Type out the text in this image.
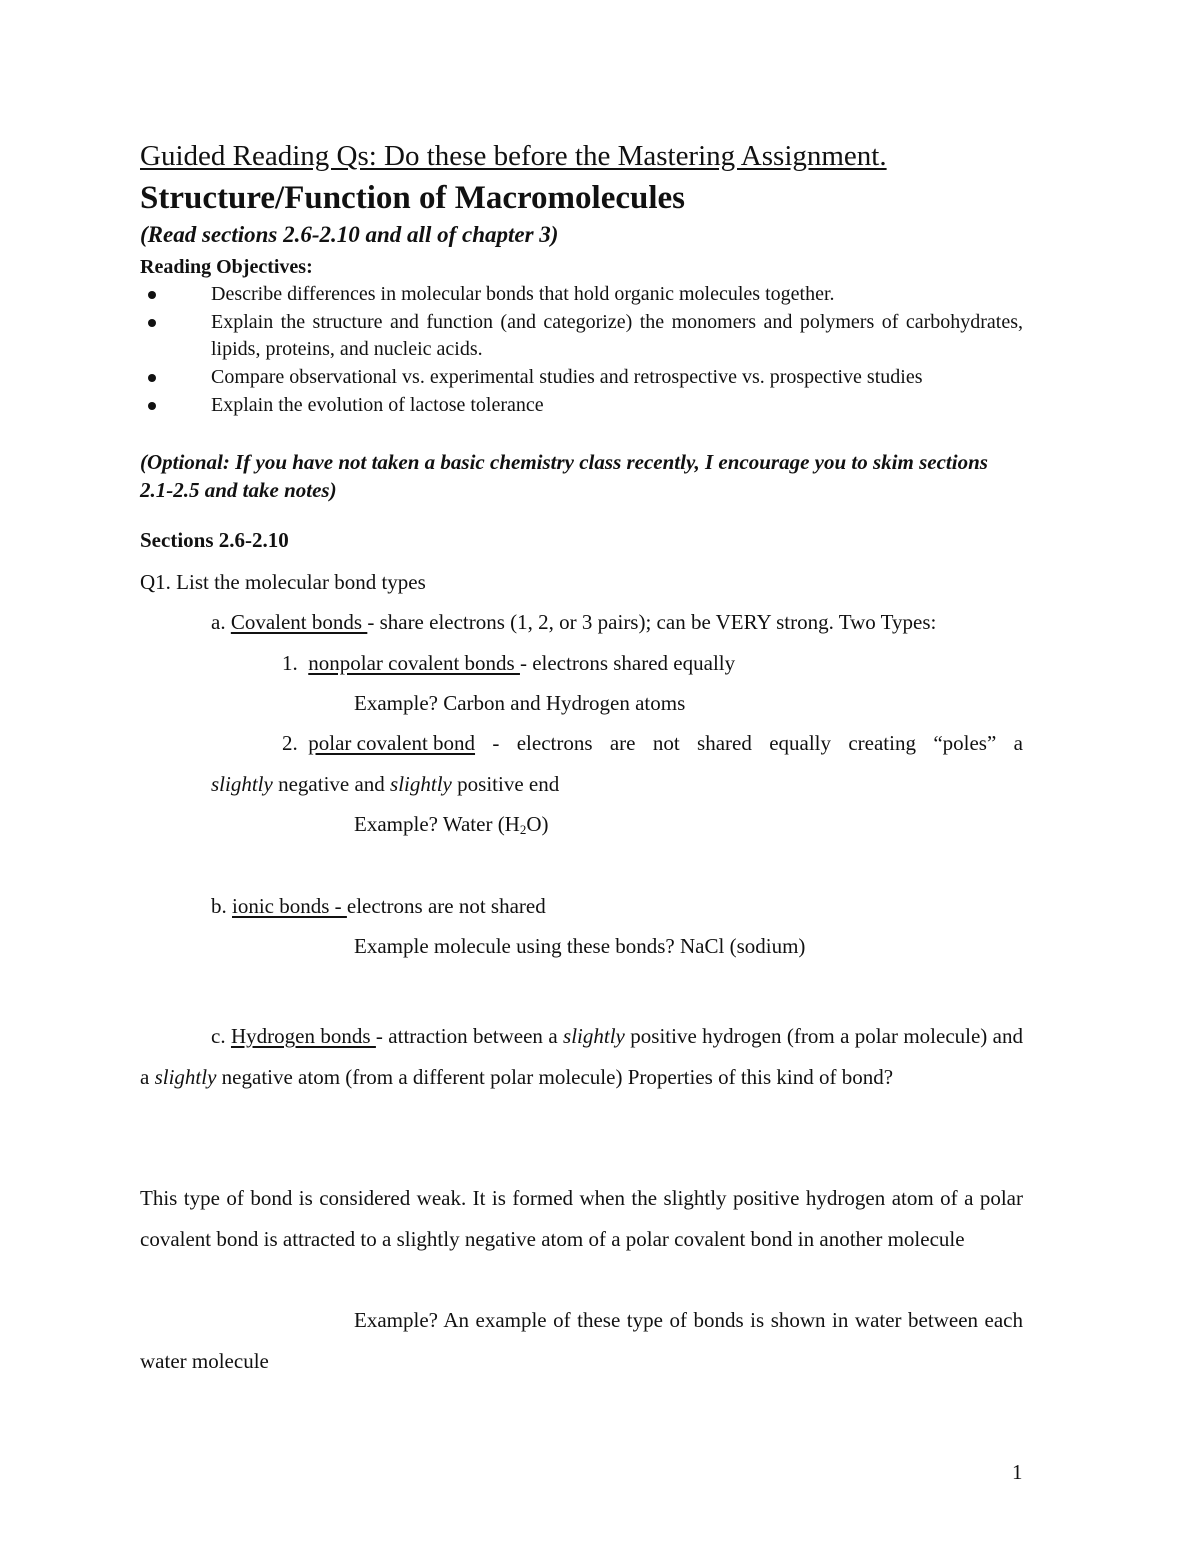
Guided Reading Qs: Do these before the Mastering Assignment.
Structure/Function of Macromolecules
(Read sections 2.6-2.10 and all of chapter 3)
Reading Objectives:
Describe differences in molecular bonds that hold organic molecules together.
Explain the structure and function (and categorize) the monomers and polymers of carbohydrates, lipids, proteins, and nucleic acids.
Compare observational vs. experimental studies and retrospective vs. prospective studies
Explain the evolution of lactose tolerance
(Optional: If you have not taken a basic chemistry class recently, I encourage you to skim sections 2.1-2.5 and take notes)
Sections 2.6-2.10
Q1. List the molecular bond types
a. Covalent bonds - share electrons (1, 2, or 3 pairs); can be VERY strong. Two Types:
1. nonpolar covalent bonds - electrons shared equally
Example? Carbon and Hydrogen atoms
2. polar covalent bond - electrons are not shared equally creating “poles” a
slightly negative and slightly positive end
Example? Water $(H_2O)$
b. ionic bonds - electrons are not shared
Example molecule using these bonds? NaCl (sodium)
c. Hydrogen bonds - attraction between a slightly positive hydrogen (from a polar molecule) and a slightly negative atom (from a different polar molecule) Properties of this kind of bond?
This type of bond is considered weak. It is formed when the slightly positive hydrogen atom of a polar covalent bond is attracted to a slightly negative atom of a polar covalent bond in another molecule
Example? An example of these type of bonds is shown in water between each water molecule
1
